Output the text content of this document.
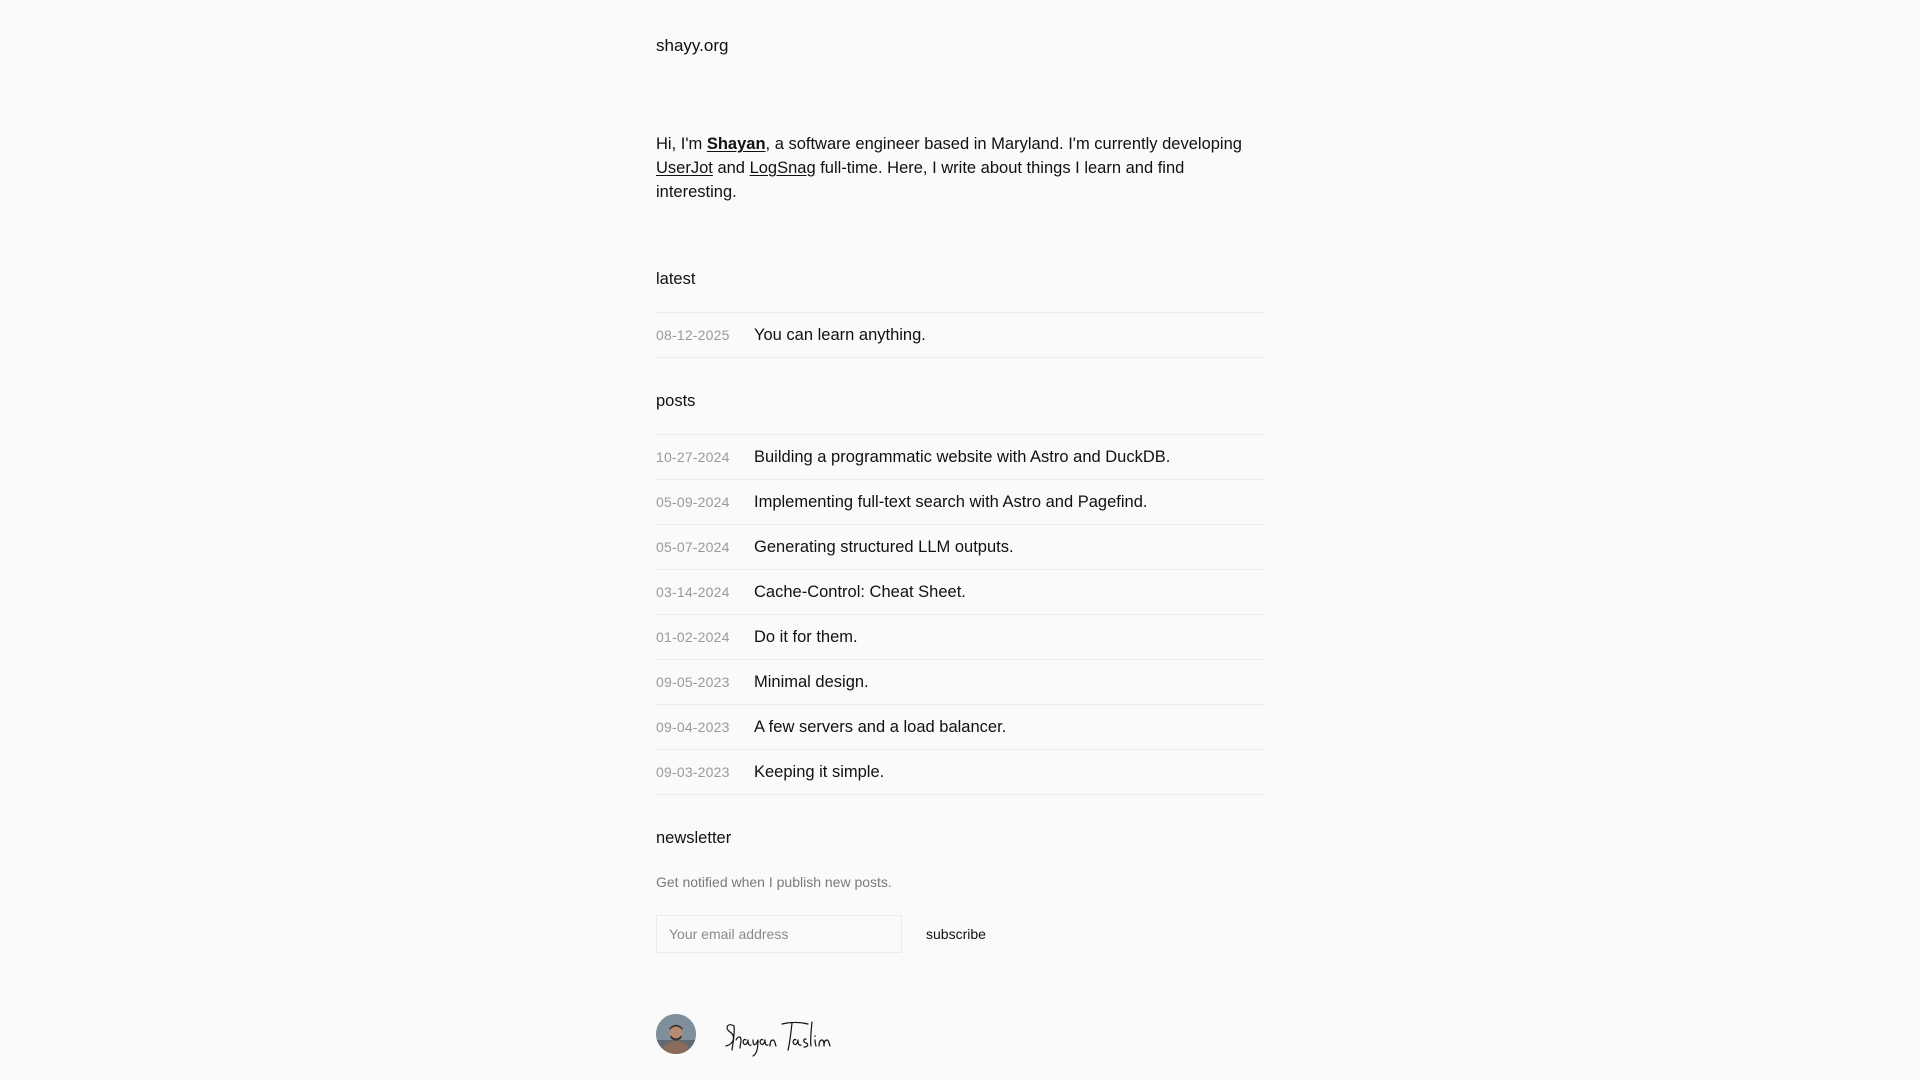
shayy.org

Hi, I'm Shayan, a software engineer based in Maryland. I'm currently developing UserJot and LogSnag full-time. Here, I write about things I learn and find interesting.

latest
08-12-2025	You can learn anything.
posts
10-27-2024	Building a programmatic website with Astro and DuckDB.
05-09-2024	Implementing full-text search with Astro and Pagefind.
05-07-2024	Generating structured LLM outputs.
03-14-2024	Cache-Control: Cheat Sheet.
01-02-2024	Do it for them.
09-05-2023	Minimal design.
09-04-2023	A few servers and a load balancer.
09-03-2023	Keeping it simple.
newsletter
Get notified when I publish new posts.
Your email address
subscribe
